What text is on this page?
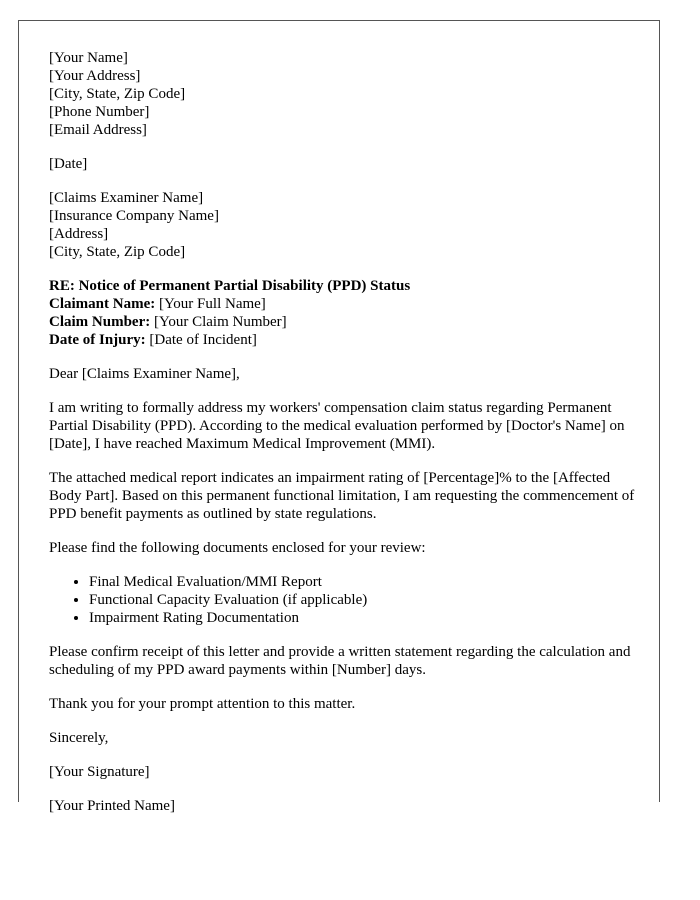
[Your Name]
[Your Address]
[City, State, Zip Code]
[Phone Number]
[Email Address]
[Date]
[Claims Examiner Name]
[Insurance Company Name]
[Address]
[City, State, Zip Code]
RE: Notice of Permanent Partial Disability (PPD) Status
Claimant Name: [Your Full Name]
Claim Number: [Your Claim Number]
Date of Injury: [Date of Incident]

Dear [Claims Examiner Name],

I am writing to formally address my workers' compensation claim status regarding Permanent Partial Disability (PPD). According to the medical evaluation performed by [Doctor's Name] on [Date], I have reached Maximum Medical Improvement (MMI).

The attached medical report indicates an impairment rating of [Percentage]% to the [Affected Body Part]. Based on this permanent functional limitation, I am requesting the commencement of PPD benefit payments as outlined by state regulations.

Please find the following documents enclosed for your review:

• Final Medical Evaluation/MMI Report
• Functional Capacity Evaluation (if applicable)
• Impairment Rating Documentation

Please confirm receipt of this letter and provide a written statement regarding the calculation and scheduling of my PPD award payments within [Number] days.

Thank you for your prompt attention to this matter.

Sincerely,

[Your Signature]

[Your Printed Name]
